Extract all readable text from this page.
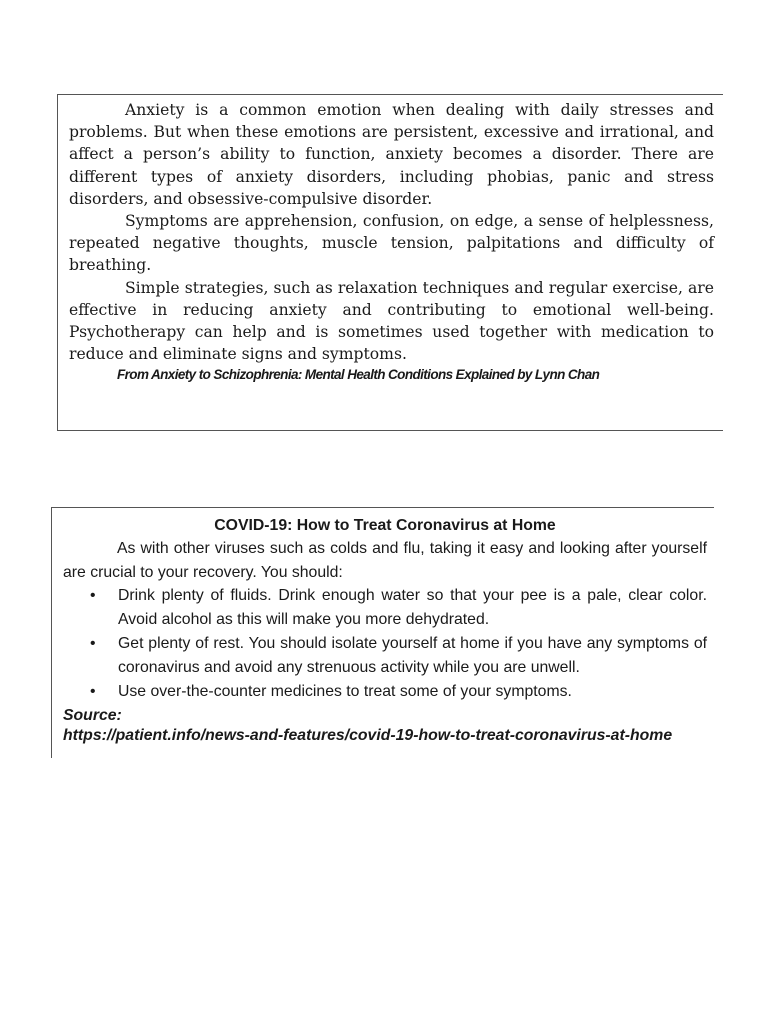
Anxiety is a common emotion when dealing with daily stresses and problems. But when these emotions are persistent, excessive and irrational, and affect a person’s ability to function, anxiety becomes a disorder. There are different types of anxiety disorders, including phobias, panic and stress disorders, and obsessive-compulsive disorder.

Symptoms are apprehension, confusion, on edge, a sense of helplessness, repeated negative thoughts, muscle tension, palpitations and difficulty of breathing.

Simple strategies, such as relaxation techniques and regular exercise, are effective in reducing anxiety and contributing to emotional well-being. Psychotherapy can help and is sometimes used together with medication to reduce and eliminate signs and symptoms.

From Anxiety to Schizophrenia: Mental Health Conditions Explained by Lynn Chan

COVID-19: How to Treat Coronavirus at Home

As with other viruses such as colds and flu, taking it easy and looking after yourself are crucial to your recovery. You should:

• Drink plenty of fluids. Drink enough water so that your pee is a pale, clear color. Avoid alcohol as this will make you more dehydrated.
• Get plenty of rest. You should isolate yourself at home if you have any symptoms of coronavirus and avoid any strenuous activity while you are unwell.
• Use over-the-counter medicines to treat some of your symptoms.
Source:
https://patient.info/news-and-features/covid-19-how-to-treat-coronavirus-at-home
